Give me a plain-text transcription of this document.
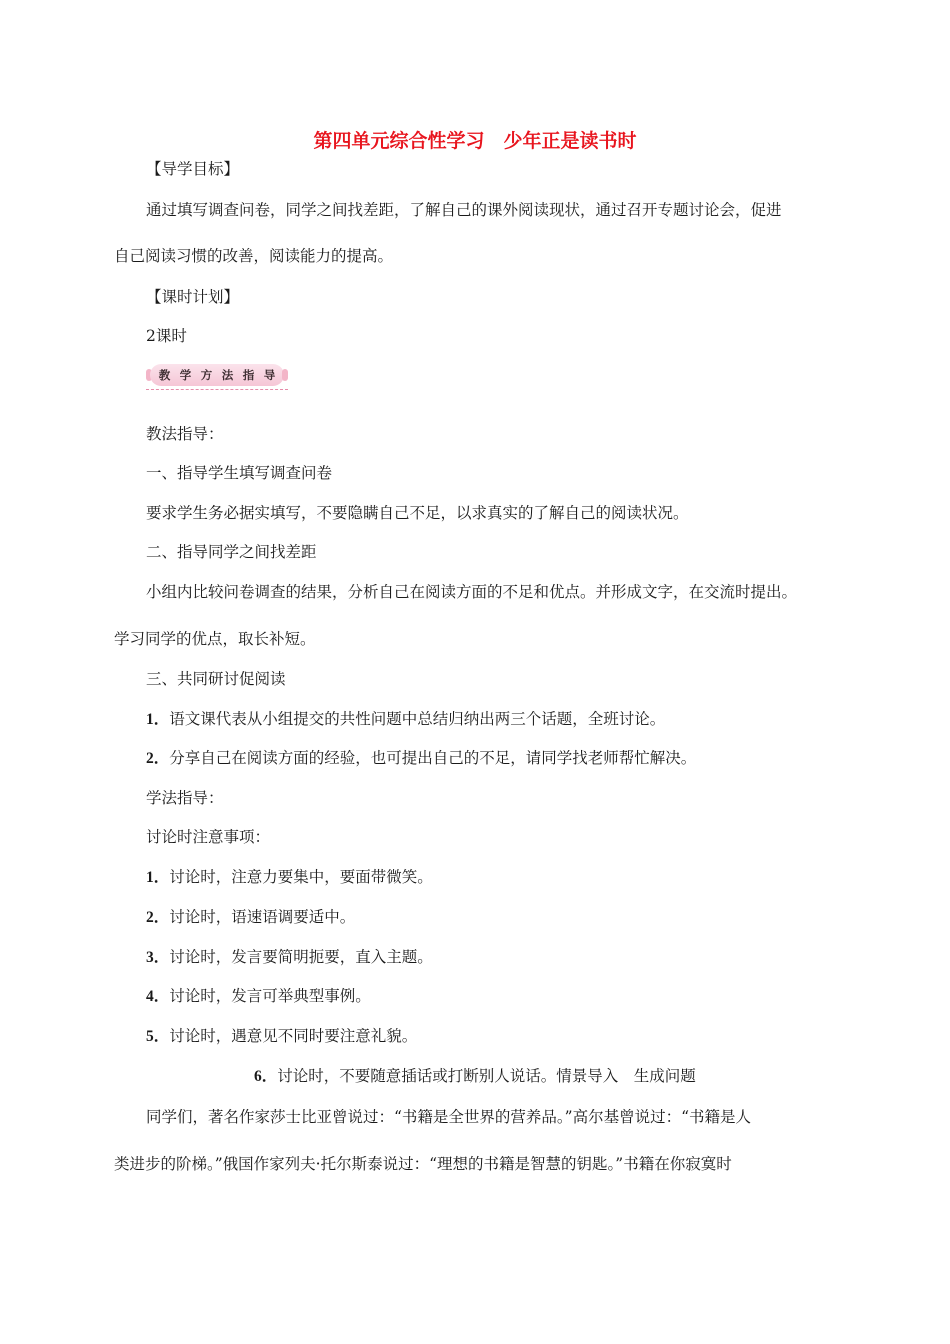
第四单元综合性学习　少年正是读书时
【导学目标】
通过填写调查问卷，同学之间找差距，了解自己的课外阅读现状，通过召开专题讨论会，促进
自己阅读习惯的改善，阅读能力的提高。
【课时计划】
2课时
教 学 方 法 指 导
教法指导：
一、指导学生填写调查问卷
要求学生务必据实填写，不要隐瞒自己不足，以求真实的了解自己的阅读状况。
二、指导同学之间找差距
小组内比较问卷调查的结果，分析自己在阅读方面的不足和优点。并形成文字，在交流时提出。
学习同学的优点，取长补短。
三、共同研讨促阅读
1．语文课代表从小组提交的共性问题中总结归纳出两三个话题，全班讨论。
2．分享自己在阅读方面的经验，也可提出自己的不足，请同学找老师帮忙解决。
学法指导：
讨论时注意事项：
1．讨论时，注意力要集中，要面带微笑。
2．讨论时，语速语调要适中。
3．讨论时，发言要简明扼要，直入主题。
4．讨论时，发言可举典型事例。
5．讨论时，遇意见不同时要注意礼貌。
6．讨论时，不要随意插话或打断别人说话。情景导入　生成问题
同学们，著名作家莎士比亚曾说过：“书籍是全世界的营养品。”高尔基曾说过：“书籍是人
类进步的阶梯。”俄国作家列夫·托尔斯泰说过：“理想的书籍是智慧的钥匙。”书籍在你寂寞时
